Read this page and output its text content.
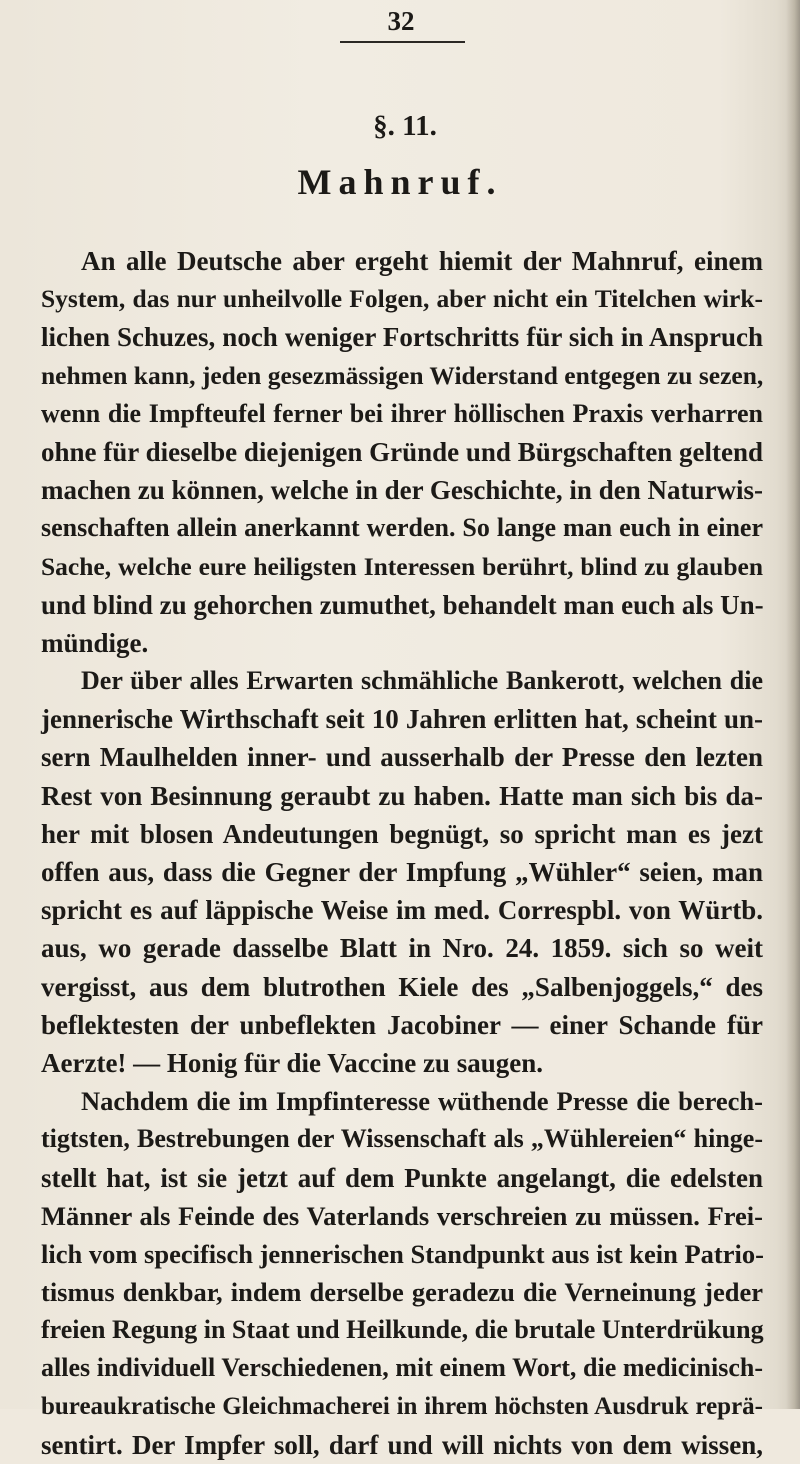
32
§. 11.
Mahnruf.
An alle Deutsche aber ergeht hiemit der Mahnruf, einem
System, das nur unheilvolle Folgen, aber nicht ein Titelchen wirk-
lichen Schuzes, noch weniger Fortschritts für sich in Anspruch
nehmen kann, jeden gesezmässigen Widerstand entgegen zu sezen,
wenn die Impfteufel ferner bei ihrer höllischen Praxis verharren
ohne für dieselbe diejenigen Gründe und Bürgschaften geltend
machen zu können, welche in der Geschichte, in den Naturwis-
senschaften allein anerkannt werden. So lange man euch in einer
Sache, welche eure heiligsten Interessen berührt, blind zu glauben
und blind zu gehorchen zumuthet, behandelt man euch als Un-
mündige.
Der über alles Erwarten schmähliche Bankerott, welchen die
jennerische Wirthschaft seit 10 Jahren erlitten hat, scheint un-
sern Maulhelden inner- und ausserhalb der Presse den lezten
Rest von Besinnung geraubt zu haben. Hatte man sich bis da-
her mit blosen Andeutungen begnügt, so spricht man es jezt
offen aus, dass die Gegner der Impfung „Wühler“ seien, man
spricht es auf läppische Weise im med. Correspbl. von Würtb.
aus, wo gerade dasselbe Blatt in Nro. 24. 1859. sich so weit
vergisst, aus dem blutrothen Kiele des „Salbenjoggels,“ des
beflektesten der unbeflekten Jacobiner — einer Schande für
Aerzte! — Honig für die Vaccine zu saugen.
Nachdem die im Impfinteresse wüthende Presse die berech-
tigtsten, Bestrebungen der Wissenschaft als „Wühlereien“ hinge-
stellt hat, ist sie jetzt auf dem Punkte angelangt, die edelsten
Männer als Feinde des Vaterlands verschreien zu müssen. Frei-
lich vom specifisch jennerischen Standpunkt aus ist kein Patrio-
tismus denkbar, indem derselbe geradezu die Verneinung jeder
freien Regung in Staat und Heilkunde, die brutale Unterdrükung
alles individuell Verschiedenen, mit einem Wort, die medicinisch-
bureaukratische Gleichmacherei in ihrem höchsten Ausdruk reprä-
sentirt. Der Impfer soll, darf und will nichts von dem wissen,
